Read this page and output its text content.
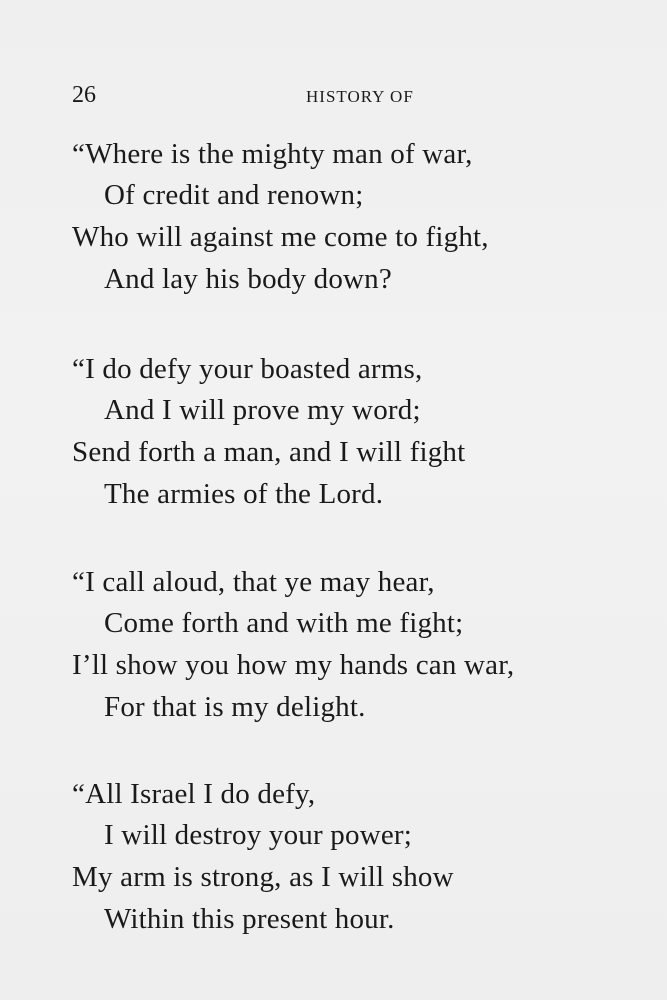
26	HISTORY OF
“Where is the mighty man of war,
Of credit and renown;
Who will against me come to fight,
And lay his body down?
“I do defy your boasted arms,
And I will prove my word;
Send forth a man, and I will fight
The armies of the Lord.
“I call aloud, that ye may hear,
Come forth and with me fight;
I’ll show you how my hands can war,
For that is my delight.
“All Israel I do defy,
I will destroy your power;
My arm is strong, as I will show
Within this present hour.
